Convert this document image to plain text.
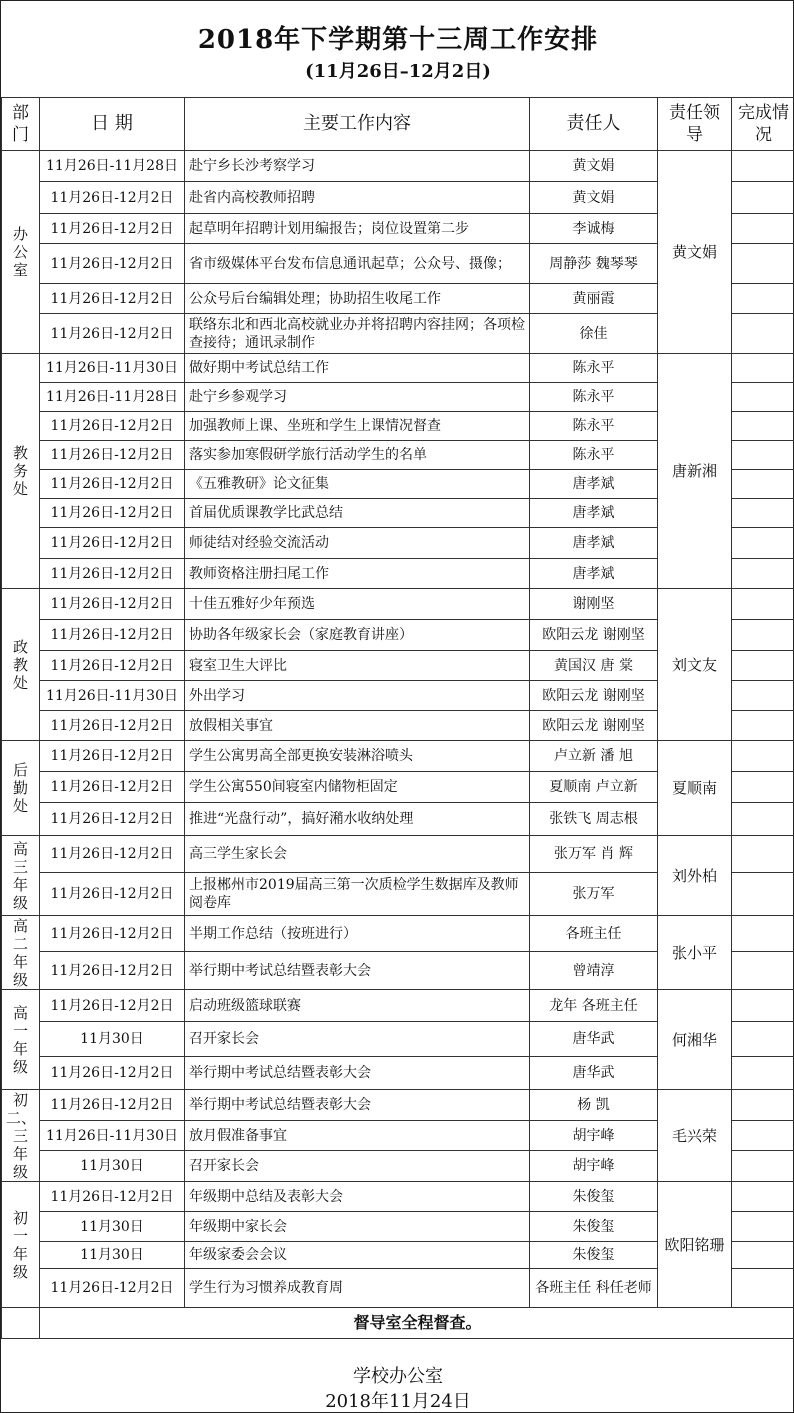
2018年下学期第十三周工作安排
(11月26日–12月2日)
部门	日 期	主要工作内容	责任人	责任领导	完成情况
办公室	11月26日-11月28日	赴宁乡长沙考察学习	黄文娟	黄文娟	
	11月26日-12月2日	赴省内高校教师招聘	黄文娟		
	11月26日-12月2日	起草明年招聘计划用编报告；岗位设置第二步	李诚梅		
	11月26日-12月2日	省市级媒体平台发布信息通讯起草；公众号、摄像；	周静莎 魏琴琴		
	11月26日-12月2日	公众号后台编辑处理；协助招生收尾工作	黄丽霞		
	11月26日-12月2日	联络东北和西北高校就业办并将招聘内容挂网；各项检查接待；通讯录制作	徐佳		
教务处	11月26日-11月30日	做好期中考试总结工作	陈永平	唐新湘	
	11月26日-11月28日	赴宁乡参观学习	陈永平		
	11月26日-12月2日	加强教师上课、坐班和学生上课情况督查	陈永平		
	11月26日-12月2日	落实参加寒假研学旅行活动学生的名单	陈永平		
	11月26日-12月2日	《五雅教研》论文征集	唐孝斌		
	11月26日-12月2日	首届优质课教学比武总结	唐孝斌		
	11月26日-12月2日	师徒结对经验交流活动	唐孝斌		
	11月26日-12月2日	教师资格注册扫尾工作	唐孝斌		
政教处	11月26日-12月2日	十佳五雅好少年预选	谢刚坚	刘文友	
	11月26日-12月2日	协助各年级家长会（家庭教育讲座）	欧阳云龙 谢刚坚		
	11月26日-12月2日	寝室卫生大评比	黄国汉 唐 棠		
	11月26日-11月30日	外出学习	欧阳云龙 谢刚坚		
	11月26日-12月2日	放假相关事宜	欧阳云龙 谢刚坚		
后勤处	11月26日-12月2日	学生公寓男高全部更换安装淋浴喷头	卢立新 潘 旭	夏顺南	
	11月26日-12月2日	学生公寓550间寝室内储物柜固定	夏顺南 卢立新		
	11月26日-12月2日	推进“光盘行动”，搞好潲水收纳处理	张铁飞 周志根		
高三年级	11月26日-12月2日	高三学生家长会	张万军 肖 辉	刘外柏	
	11月26日-12月2日	上报郴州市2019届高三第一次质检学生数据库及教师阅卷库	张万军		
高二年级	11月26日-12月2日	半期工作总结（按班进行）	各班主任	张小平	
	11月26日-12月2日	举行期中考试总结暨表彰大会	曾靖淳		
高一年级	11月26日-12月2日	启动班级篮球联赛	龙年 各班主任	何湘华	
	11月30日	召开家长会	唐华武		
	11月26日-12月2日	举行期中考试总结暨表彰大会	唐华武		
初二、三年级	11月26日-12月2日	举行期中考试总结暨表彰大会	杨 凯	毛兴荣	
	11月26日-11月30日	放月假准备事宜	胡宇峰		
	11月30日	召开家长会	胡宇峰		
初一年级	11月26日-12月2日	年级期中总结及表彰大会	朱俊玺	欧阳铭珊	
	11月30日	年级期中家长会	朱俊玺		
	11月30日	年级家委会会议	朱俊玺		
	11月26日-12月2日	学生行为习惯养成教育周	各班主任 科任老师		
	督导室全程督查。				
学校办公室
2018年11月24日
